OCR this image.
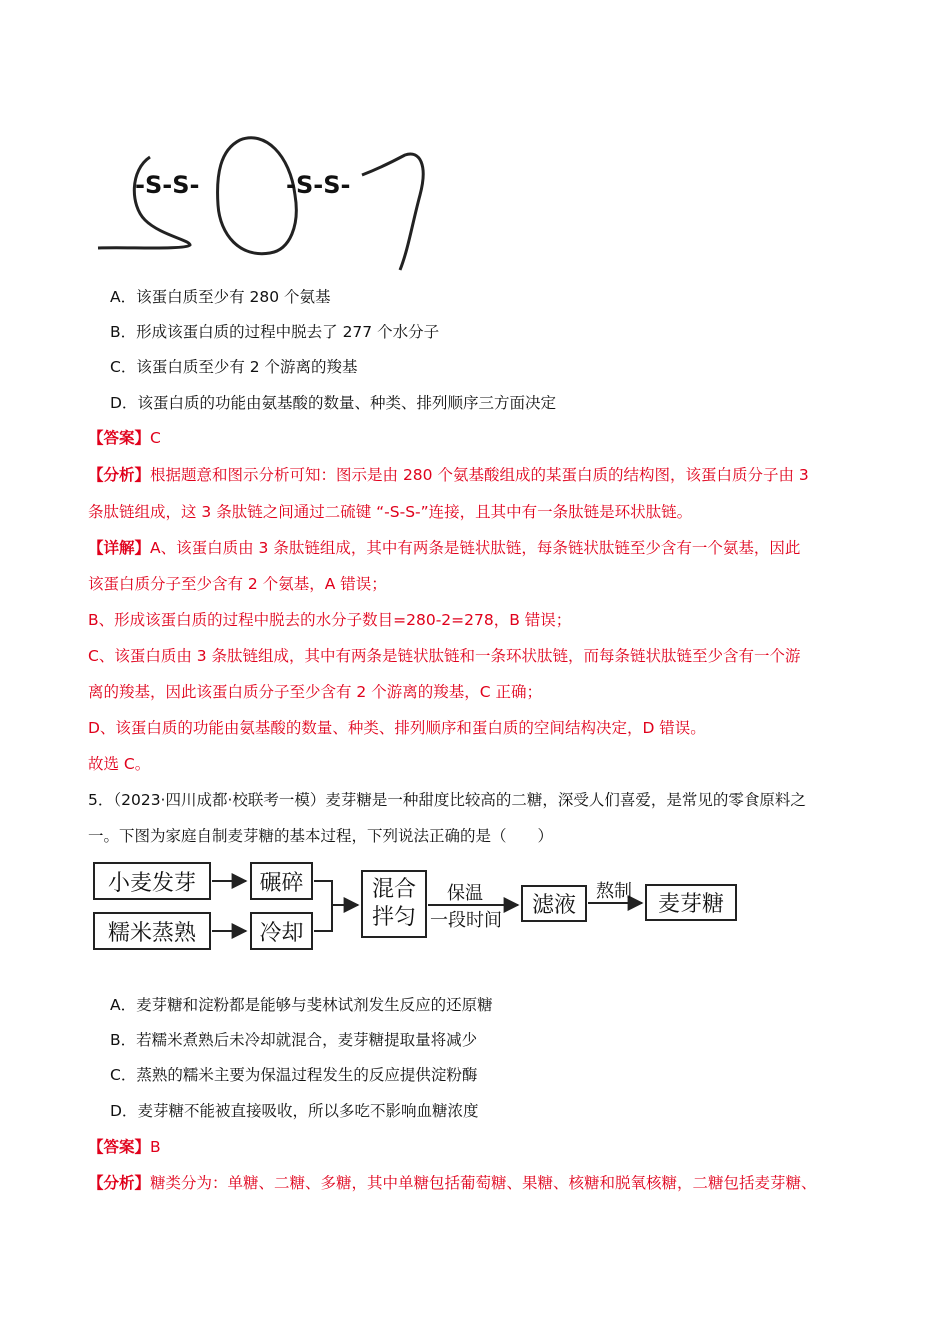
-S-S-	-S-S-
A．该蛋白质至少有 280 个氨基
B．形成该蛋白质的过程中脱去了 277 个水分子
C．该蛋白质至少有 2 个游离的羧基
D．该蛋白质的功能由氨基酸的数量、种类、排列顺序三方面决定
【答案】C
【分析】根据题意和图示分析可知：图示是由 280 个氨基酸组成的某蛋白质的结构图，该蛋白质分子由 3
条肽链组成，这 3 条肽链之间通过二硫键 “-S-S-”连接，且其中有一条肽链是环状肽链。
【详解】A、该蛋白质由 3 条肽链组成，其中有两条是链状肽链，每条链状肽链至少含有一个氨基，因此
该蛋白质分子至少含有 2 个氨基，A 错误；
B、形成该蛋白质的过程中脱去的水分子数目=280-2=278，B 错误；
C、该蛋白质由 3 条肽链组成，其中有两条是链状肽链和一条环状肽链，而每条链状肽链至少含有一个游
离的羧基，因此该蛋白质分子至少含有 2 个游离的羧基，C 正确；
D、该蛋白质的功能由氨基酸的数量、种类、排列顺序和蛋白质的空间结构决定，D 错误。
故选 C。
5．（2023·四川成都·校联考一模）麦芽糖是一种甜度比较高的二糖，深受人们喜爱，是常见的零食原料之
一。下图为家庭自制麦芽糖的基本过程，下列说法正确的是（　　）
小麦发芽	碾碎
糯米蒸熟	冷却
混合拌匀
保温
一段时间
滤液
熬制
麦芽糖
A．麦芽糖和淀粉都是能够与斐林试剂发生反应的还原糖
B．若糯米煮熟后未冷却就混合，麦芽糖提取量将减少
C．蒸熟的糯米主要为保温过程发生的反应提供淀粉酶
D．麦芽糖不能被直接吸收，所以多吃不影响血糖浓度
【答案】B
【分析】糖类分为：单糖、二糖、多糖，其中单糖包括葡萄糖、果糖、核糖和脱氧核糖，二糖包括麦芽糖、
